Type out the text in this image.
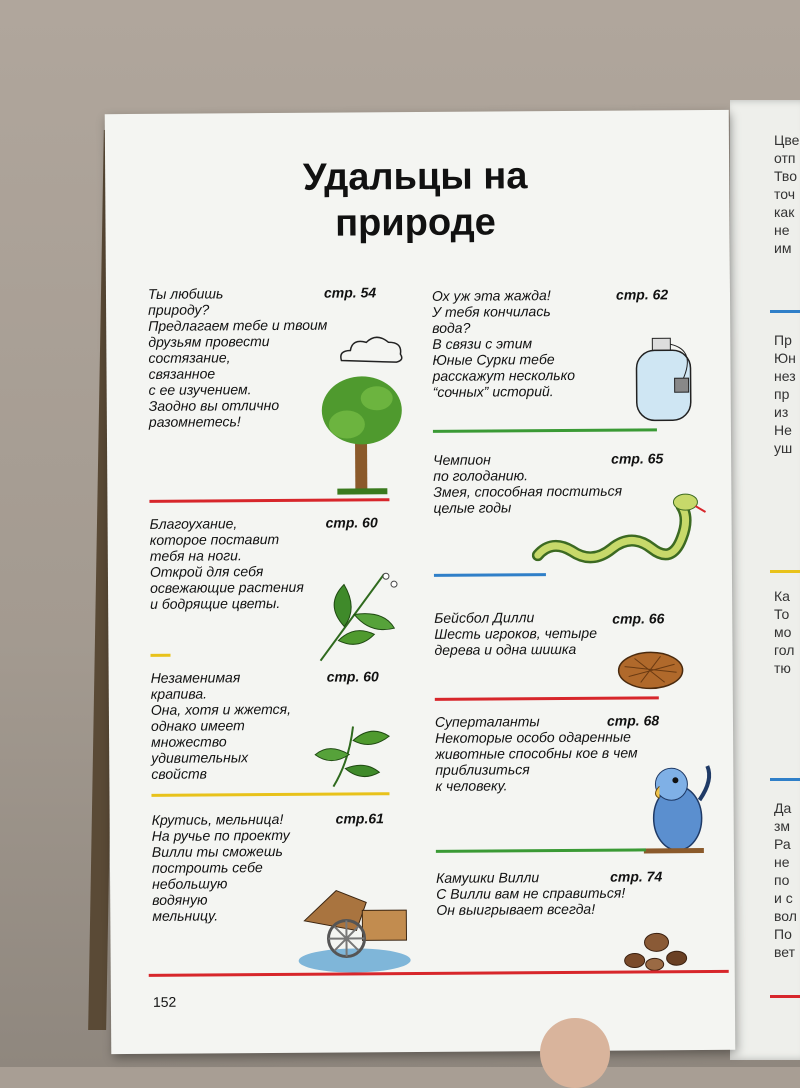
Цве
отп
Тво
точ
как
не
им
Пр
Юн
нез
пр
из
Не
уш
Ка
То
мо
гол
тю
Да
зм
Ра
не
по
и с
вол
По
вет
Удальцы на природе
Ты любишь
природу?
Предлагаем тебе и твоим
друзьям провести
состязание,
связанное
с ее изучением.
Заодно вы отлично
разомнетесь!
стр. 54
Благоухание,
которое поставит
тебя на ноги.
Открой для себя
освежающие растения
и бодрящие цветы.
стр. 60
Незаменимая
крапива.
Она, хотя и жжется,
однако имеет
множество
удивительных
свойств
стр. 60
Крутись, мельница!
На ручье по проекту
Вилли ты сможешь
построить себе
небольшую
водяную
мельницу.
стр.61
Ох уж эта жажда!
У тебя кончилась
вода?
В связи с этим
Юные Сурки тебе
расскажут несколько
“сочных” историй.
стр. 62
Чемпион
по голоданию.
Змея, способная поститься
целые годы
стр. 65
Бейсбол Дилли
Шесть игроков, четыре
дерева и одна шишка
стр. 66
Суперталанты
Некоторые особо одаренные
животные способны кое в чем
приблизиться
к человеку.
стр. 68
Камушки Вилли
С Вилли вам не справиться!
Он выигрывает всегда!
стр. 74
152
